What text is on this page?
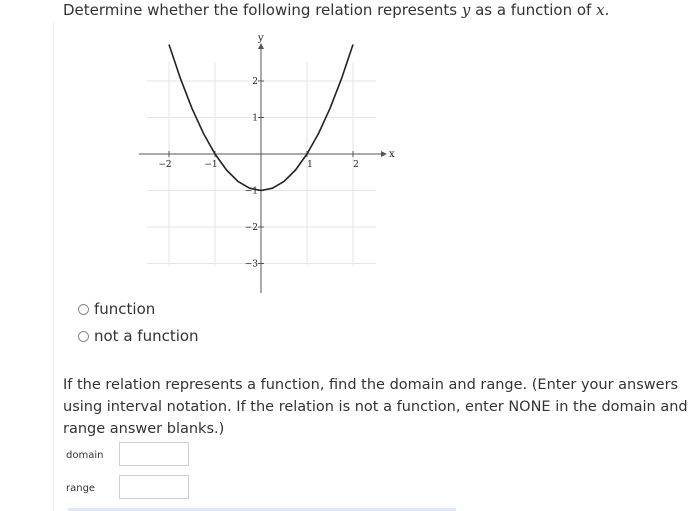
Determine whether the following relation represents y as a function of x.
x
y
−2	−1	1	2
−3
−2
−1
1
2
function
not a function
If the relation represents a function, find the domain and range. (Enter your answers using interval notation. If the relation is not a function, enter NONE in the domain and range answer blanks.)
domain
range
